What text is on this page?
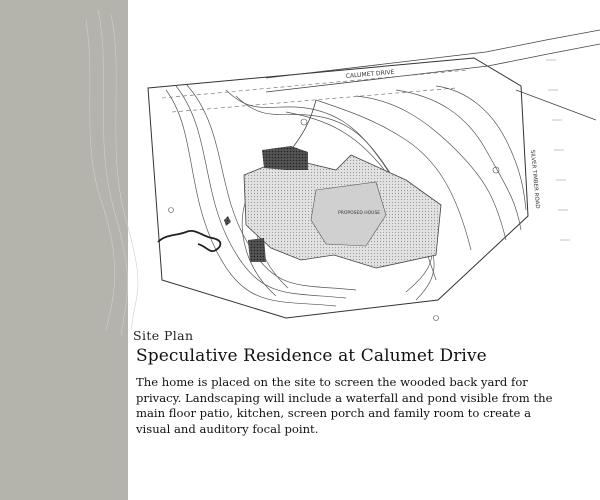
CALUMET DRIVE
SILVER TIMBER ROAD
PROPOSED HOUSE
Site Plan
Speculative Residence at Calumet Drive

The home is placed on the site to screen the wooded back yard for privacy. Landscaping will include a waterfall and pond visible from the main floor patio, kitchen, screen porch and family room to create a visual and auditory focal point.
